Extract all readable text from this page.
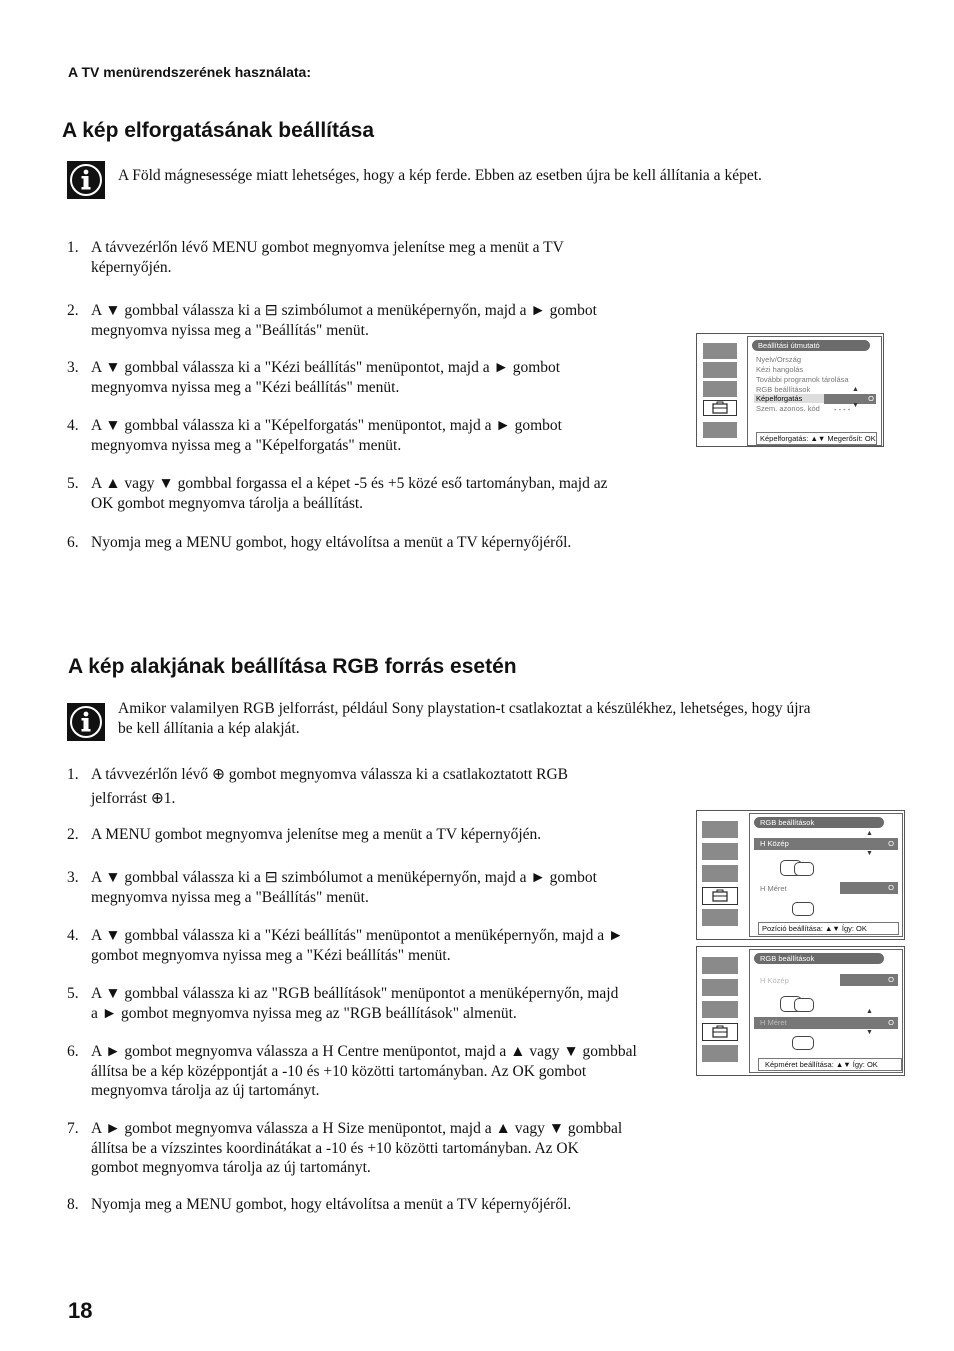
A TV menürendszerének használata:
A kép elforgatásának beállítása
A Föld mágnesessége miatt lehetséges, hogy a kép ferde. Ebben az esetben újra be kell állítania a képet.
1. A távvezérlőn lévő MENU gombot megnyomva jelenítse meg a menüt a TV
képernyőjén.
2. A ▼ gombbal válassza ki a ⊟ szimbólumot a menüképernyőn, majd a ► gombot
megnyomva nyissa meg a "Beállítás" menüt.
3. A ▼ gombbal válassza ki a "Kézi beállítás" menüpontot, majd a ► gombot
megnyomva nyissa meg a "Kézi beállítás" menüt.
4. A ▼ gombbal válassza ki a "Képelforgatás" menüpontot, majd a ► gombot
megnyomva nyissa meg a "Képelforgatás" menüt.
5. A ▲ vagy ▼ gombbal forgassa el a képet -5 és +5 közé eső tartományban, majd az
OK gombot megnyomva tárolja a beállítást.
6. Nyomja meg a MENU gombot, hogy eltávolítsa a menüt a TV képernyőjéről.
Beállítási útmutató
Nyelv/Ország
Kézi hangolás
További programok tárolása
RGB beállítások
Képelforgatás	O
▲
▼
Szem. azonos. kód - - - -
Képelforgatás: ▲▼ Megerősít: OK
A kép alakjának beállítása RGB forrás esetén
Amikor valamilyen RGB jelforrást, például Sony playstation-t csatlakoztat a készülékhez, lehetséges, hogy újra
be kell állítania a kép alakját.
1. A távvezérlőn lévő ⊕ gombot megnyomva válassza ki a csatlakoztatott RGB
jelforrást ⊕1.
2. A MENU gombot megnyomva jelenítse meg a menüt a TV képernyőjén.
3. A ▼ gombbal válassza ki a ⊟ szimbólumot a menüképernyőn, majd a ► gombot
megnyomva nyissa meg a "Beállítás" menüt.
4. A ▼ gombbal válassza ki a "Kézi beállítás" menüpontot a menüképernyőn, majd a ►
gombot megnyomva nyissa meg a "Kézi beállítás" menüt.
5. A ▼ gombbal válassza ki az "RGB beállítások" menüpontot a menüképernyőn, majd
a ► gombot megnyomva nyissa meg az "RGB beállítások" almenüt.
6. A ► gombot megnyomva válassza a H Centre menüpontot, majd a ▲ vagy ▼ gombbal
állítsa be a kép középpontját a -10 és +10 közötti tartományban. Az OK gombot
megnyomva tárolja az új tartományt.
7. A ► gombot megnyomva válassza a H Size menüpontot, majd a ▲ vagy ▼ gombbal
állítsa be a vízszintes koordinátákat a -10 és +10 közötti tartományban. Az OK
gombot megnyomva tárolja az új tartományt.
8. Nyomja meg a MENU gombot, hogy eltávolítsa a menüt a TV képernyőjéről.
RGB beállítások
▲
H Közép	O
▼
H Méret	O
Pozíció beállítása: ▲▼ Így: OK
RGB beállítások
H Közép	O
▲
H Méret	O
▼
Képméret beállítása: ▲▼ Így: OK
18
